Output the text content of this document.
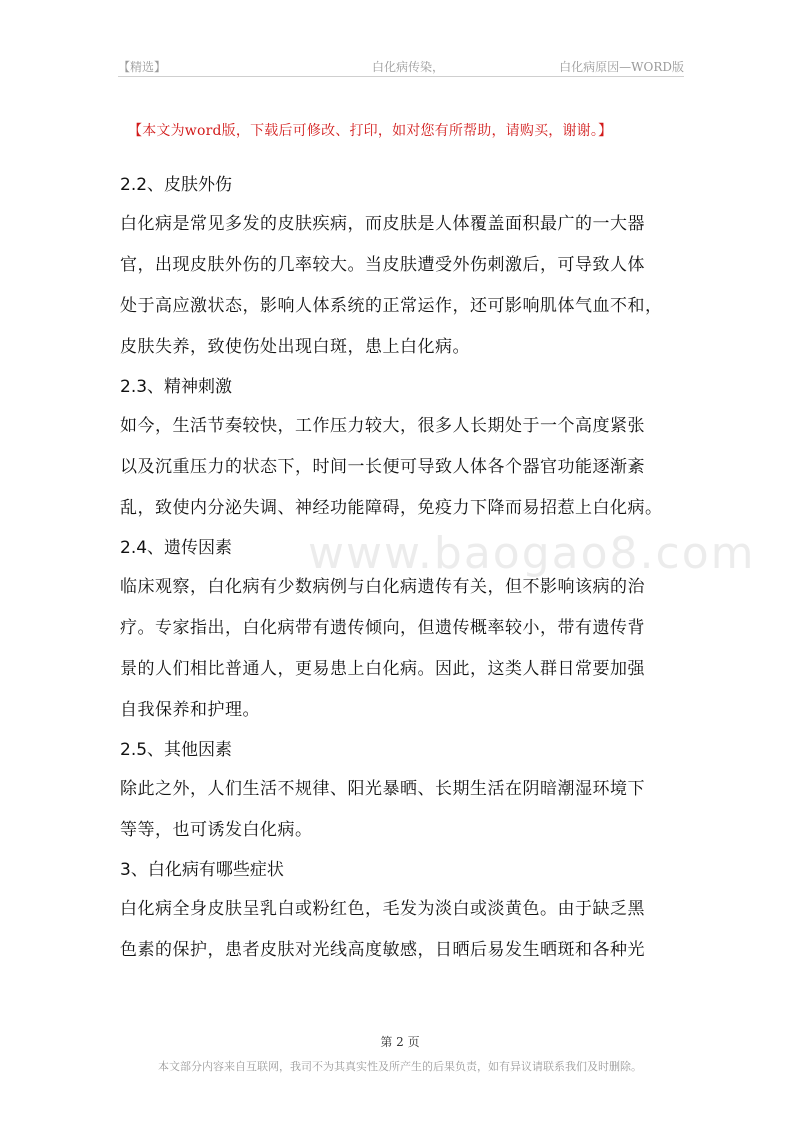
【精选】	白化病传染，	白化病原因—WORD版
【本文为word版，下载后可修改、打印，如对您有所帮助，请购买，谢谢。】
www.baogao8.com
2.2、皮肤外伤

白化病是常见多发的皮肤疾病，而皮肤是人体覆盖面积最广的一大器
官，出现皮肤外伤的几率较大。当皮肤遭受外伤刺激后，可导致人体
处于高应激状态，影响人体系统的正常运作，还可影响肌体气血不和，
皮肤失养，致使伤处出现白斑，患上白化病。

2.3、精神刺激

如今，生活节奏较快，工作压力较大，很多人长期处于一个高度紧张
以及沉重压力的状态下，时间一长便可导致人体各个器官功能逐渐紊
乱，致使内分泌失调、神经功能障碍，免疫力下降而易招惹上白化病。

2.4、遗传因素

临床观察，白化病有少数病例与白化病遗传有关，但不影响该病的治
疗。专家指出，白化病带有遗传倾向，但遗传概率较小，带有遗传背
景的人们相比普通人，更易患上白化病。因此，这类人群日常要加强
自我保养和护理。

2.5、其他因素

除此之外，人们生活不规律、阳光暴晒、长期生活在阴暗潮湿环境下
等等，也可诱发白化病。

3、白化病有哪些症状

白化病全身皮肤呈乳白或粉红色，毛发为淡白或淡黄色。由于缺乏黑
色素的保护，患者皮肤对光线高度敏感，日晒后易发生晒斑和各种光

第 2 页
本文部分内容来自互联网，我司不为其真实性及所产生的后果负责，如有异议请联系我们及时删除。
